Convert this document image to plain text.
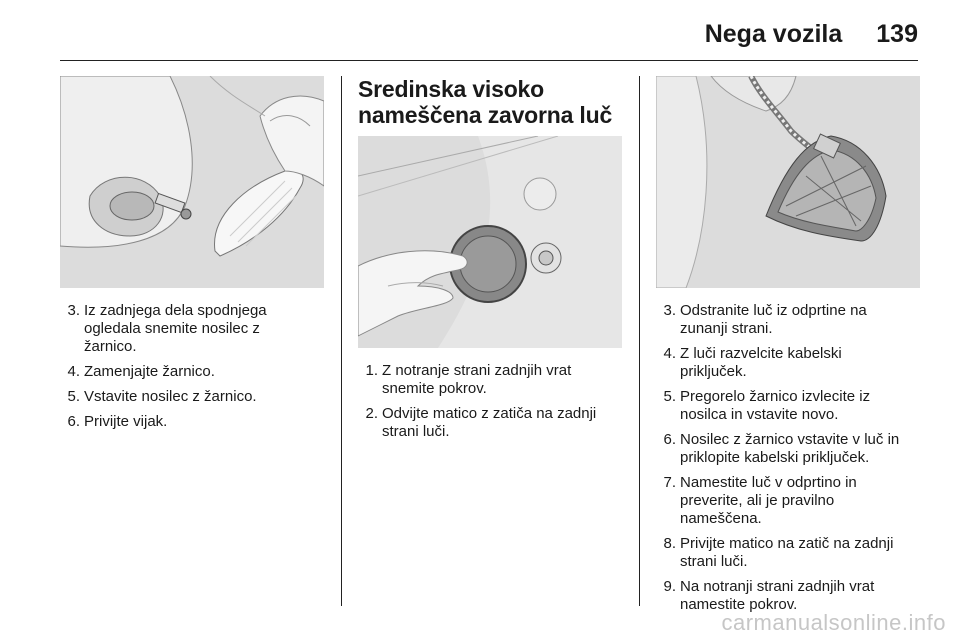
Nega vozila 139
3. Iz zadnjega dela spodnjega
ogledala snemite nosilec z
žarnico.
4. Zamenjajte žarnico.
5. Vstavite nosilec z žarnico.
6. Privijte vijak.
Sredinska visoko
nameščena zavorna luč
1. Z notranje strani zadnjih vrat
snemite pokrov.
2. Odvijte matico z zatiča na zadnji
strani luči.
3. Odstranite luč iz odprtine na
zunanji strani.
4. Z luči razvelcite kabelski
priključek.
5. Pregorelo žarnico izvlecite iz
nosilca in vstavite novo.
6. Nosilec z žarnico vstavite v luč in
priklopite kabelski priključek.
7. Namestite luč v odprtino in
preverite, ali je pravilno
nameščena.
8. Privijte matico na zatič na zadnji
strani luči.
9. Na notranji strani zadnjih vrat
namestite pokrov.
carmanualsonline.info
